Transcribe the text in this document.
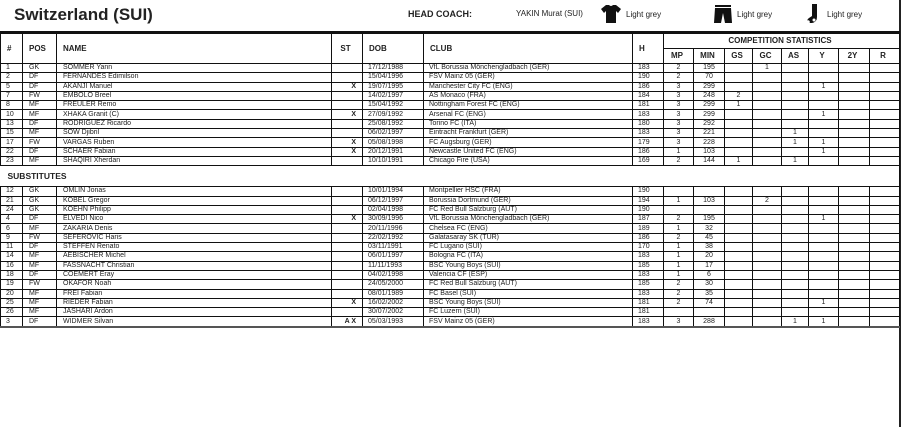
Switzerland (SUI)	HEAD COACH:	YAKIN Murat (SUI)	Light grey	Light grey	Light grey
#	POS	NAME	ST	DOB	CLUB	H	COMPETITION STATISTICS							
							MP	MIN	GS	GC	AS	Y	2Y	R
1	GK	SOMMER Yann		17/12/1988	VfL Borussia Mönchengladbach (GER)	183	2	195		1				
2	DF	FERNANDES Edimilson		15/04/1996	FSV Mainz 05 (GER)	190	2	70						
5	DF	AKANJI Manuel	X	19/07/1995	Manchester City FC (ENG)	186	3	299				1		
7	FW	EMBOLO Breel		14/02/1997	AS Monaco (FRA)	184	3	248	2					
8	MF	FREULER Remo		15/04/1992	Nottingham Forest FC (ENG)	181	3	299	1					
10	MF	XHAKA Granit (C)	X	27/09/1992	Arsenal FC (ENG)	183	3	299				1		
13	DF	RODRIGUEZ Ricardo		25/08/1992	Torino FC (ITA)	180	3	292						
15	MF	SOW Djibril		06/02/1997	Eintracht Frankfurt (GER)	183	3	221			1			
17	FW	VARGAS Ruben	X	05/08/1998	FC Augsburg (GER)	179	3	228			1	1		
22	DF	SCHAER Fabian	X	20/12/1991	Newcastle United FC (ENG)	186	1	103				1		
23	MF	SHAQIRI Xherdan		10/10/1991	Chicago Fire (USA)	169	2	144	1		1			
SUBSTITUTES														
12	GK	OMLIN Jonas		10/01/1994	Montpellier HSC (FRA)	190								
21	GK	KOBEL Gregor		06/12/1997	Borussia Dortmund (GER)	194	1	103		2				
24	GK	KOEHN Philipp		02/04/1998	FC Red Bull Salzburg (AUT)	190								
4	DF	ELVEDI Nico	X	30/09/1996	VfL Borussia Mönchengladbach (GER)	187	2	195				1		
6	MF	ZAKARIA Denis		20/11/1996	Chelsea FC (ENG)	189	1	32						
9	FW	SEFEROVIC Haris		22/02/1992	Galatasaray SK (TUR)	186	2	45						
11	DF	STEFFEN Renato		03/11/1991	FC Lugano (SUI)	170	1	38						
14	MF	AEBISCHER Michel		06/01/1997	Bologna FC (ITA)	183	1	20						
16	MF	FASSNACHT Christian		11/11/1993	BSC Young Boys (SUI)	185	1	17						
18	DF	COEMERT Eray		04/02/1998	Valencia CF (ESP)	183	1	6						
19	FW	OKAFOR Noah		24/05/2000	FC Red Bull Salzburg (AUT)	185	2	30						
20	MF	FREI Fabian		08/01/1989	FC Basel (SUI)	183	2	35						
25	MF	RIEDER Fabian	X	16/02/2002	BSC Young Boys (SUI)	181	2	74				1		
26	MF	JASHARI Ardon		30/07/2002	FC Luzern (SUI)	181								
3	DF	WIDMER Silvan	A X	05/03/1993	FSV Mainz 05 (GER)	183	3	288			1	1		
